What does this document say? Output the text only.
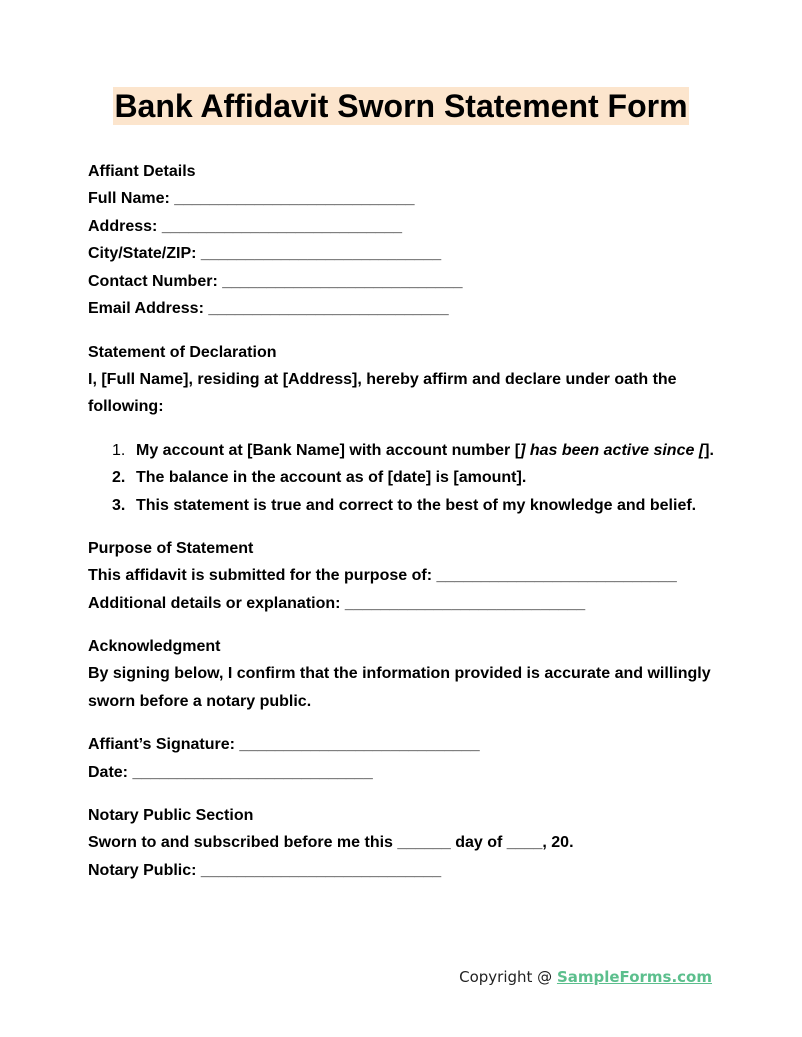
Bank Affidavit Sworn Statement Form
Affiant Details
Full Name: ___________________________
Address: ___________________________
City/State/ZIP: ___________________________
Contact Number: ___________________________
Email Address: ___________________________
Statement of Declaration
I, [Full Name], residing at [Address], hereby affirm and declare under oath the following:
1. My account at [Bank Name] with account number [] has been active since [].
2. The balance in the account as of [date] is [amount].
3. This statement is true and correct to the best of my knowledge and belief.
Purpose of Statement
This affidavit is submitted for the purpose of: ___________________________
Additional details or explanation: ___________________________
Acknowledgment
By signing below, I confirm that the information provided is accurate and willingly sworn before a notary public.
Affiant’s Signature: ___________________________
Date: ___________________________
Notary Public Section
Sworn to and subscribed before me this ______ day of ____, 20.
Notary Public: ___________________________
Copyright @ SampleForms.com
